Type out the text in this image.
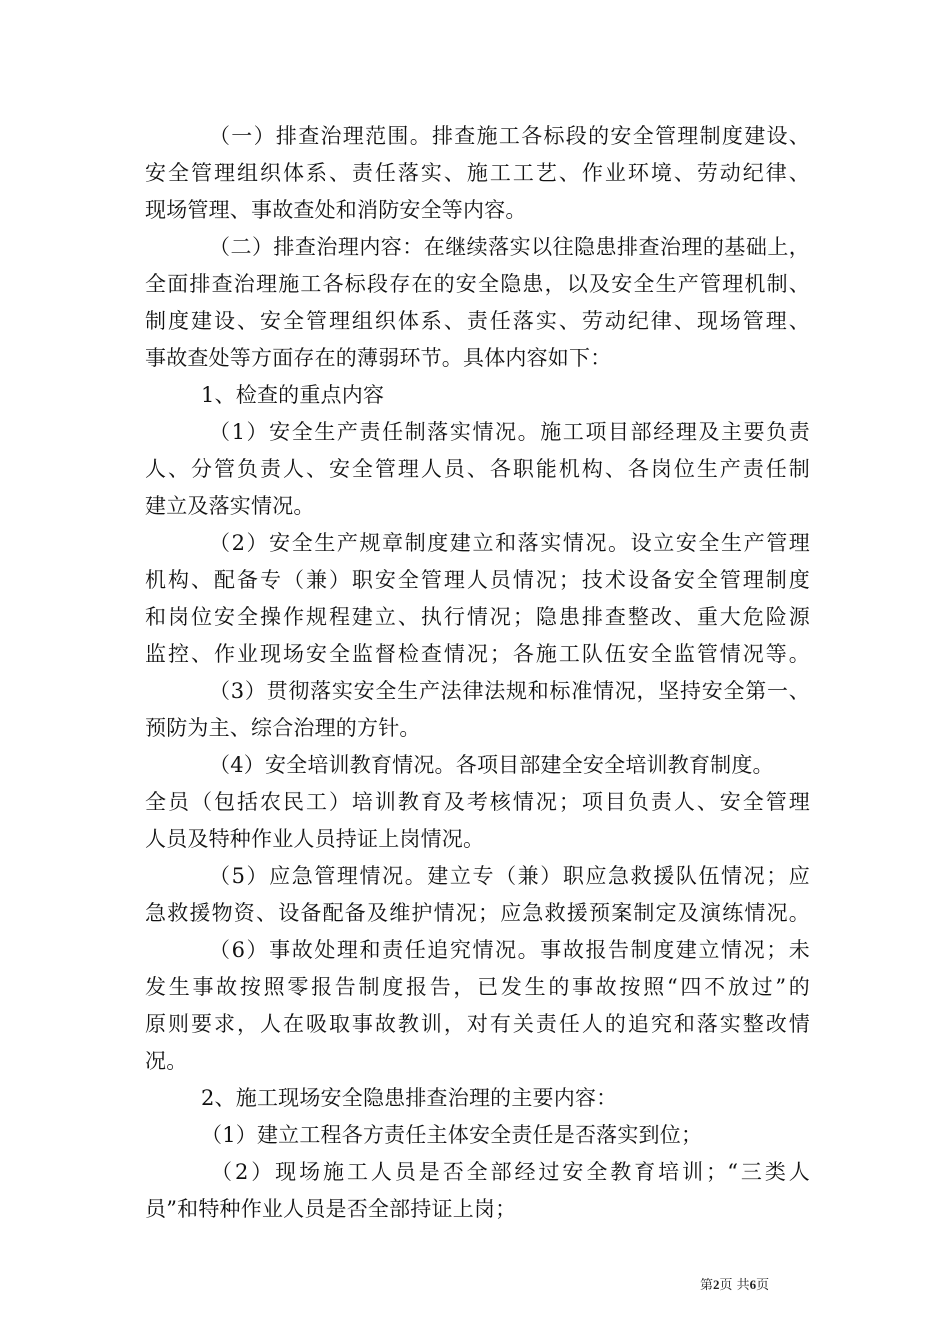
（一）排查治理范围。排查施工各标段的安全管理制度建设、
安全管理组织体系、责任落实、施工工艺、作业环境、劳动纪律、
现场管理、事故查处和消防安全等内容。
（二）排查治理内容：在继续落实以往隐患排查治理的基础上，
全面排查治理施工各标段存在的安全隐患，以及安全生产管理机制、
制度建设、安全管理组织体系、责任落实、劳动纪律、现场管理、
事故查处等方面存在的薄弱环节。具体内容如下：
1、检查的重点内容
（1）安全生产责任制落实情况。施工项目部经理及主要负责
人、分管负责人、安全管理人员、各职能机构、各岗位生产责任制
建立及落实情况。
（2）安全生产规章制度建立和落实情况。设立安全生产管理
机构、配备专（兼）职安全管理人员情况；技术设备安全管理制度
和岗位安全操作规程建立、执行情况；隐患排查整改、重大危险源
监控、作业现场安全监督检查情况；各施工队伍安全监管情况等。
（3）贯彻落实安全生产法律法规和标准情况，坚持安全第一、
预防为主、综合治理的方针。
（4）安全培训教育情况。各项目部建全安全培训教育制度。
全员（包括农民工）培训教育及考核情况；项目负责人、安全管理
人员及特种作业人员持证上岗情况。
（5）应急管理情况。建立专（兼）职应急救援队伍情况；应
急救援物资、设备配备及维护情况；应急救援预案制定及演练情况。
（6）事故处理和责任追究情况。事故报告制度建立情况；未
发生事故按照零报告制度报告，已发生的事故按照“四不放过”的
原则要求，人在吸取事故教训，对有关责任人的追究和落实整改情
况。
2、施工现场安全隐患排查治理的主要内容：
（1）建立工程各方责任主体安全责任是否落实到位；
（2）现场施工人员是否全部经过安全教育培训；“三类人
员”和特种作业人员是否全部持证上岗；
第2页 共6页
